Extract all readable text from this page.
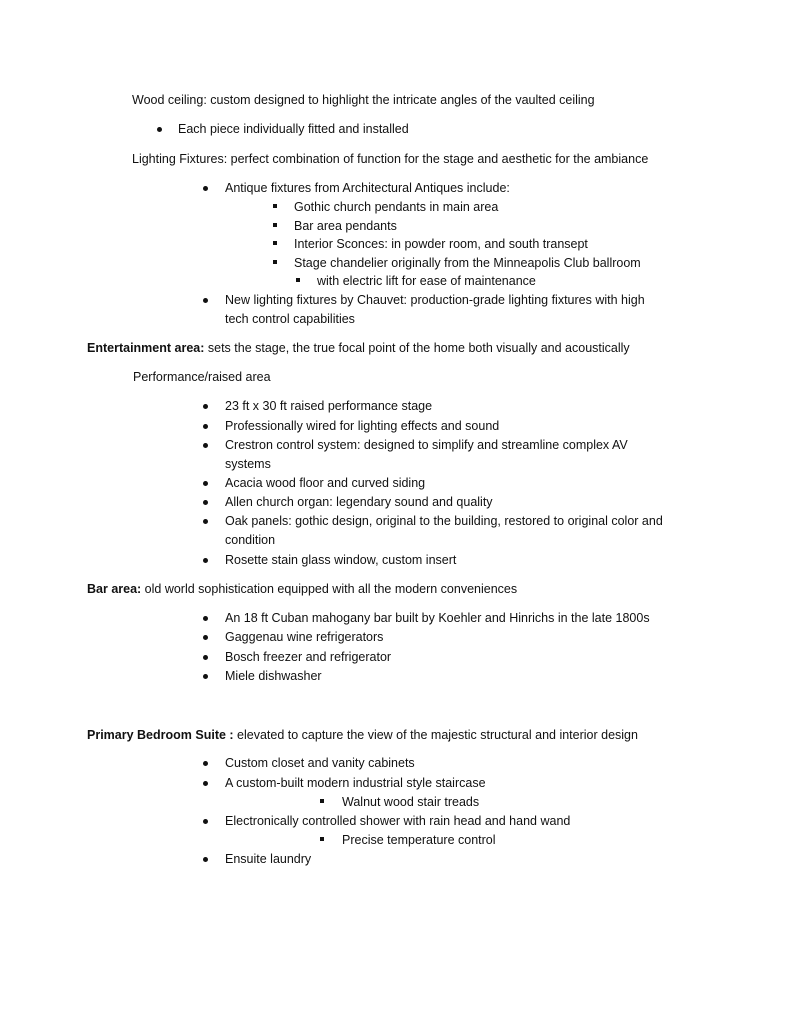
Wood ceiling: custom designed to highlight the intricate angles of the vaulted ceiling
Each piece individually fitted and installed
Lighting Fixtures: perfect combination of function for the stage and aesthetic for the ambiance
Antique fixtures from Architectural Antiques include:
Gothic church pendants in main area
Bar area pendants
Interior Sconces: in powder room, and south transept
Stage chandelier originally from the Minneapolis Club ballroom
with electric lift for ease of maintenance
New lighting fixtures by Chauvet: production-grade lighting fixtures with high
tech control capabilities
Entertainment area: sets the stage, the true focal point of the home both visually and acoustically
Performance/raised area
23 ft x 30 ft raised performance stage
Professionally wired for lighting effects and sound
Crestron control system: designed to simplify and streamline complex AV
systems
Acacia wood floor and curved siding
Allen church organ: legendary sound and quality
Oak panels: gothic design, original to the building, restored to original color and
condition
Rosette stain glass window, custom insert
Bar area: old world sophistication equipped with all the modern conveniences
An 18 ft Cuban mahogany bar built by Koehler and Hinrichs in the late 1800s
Gaggenau wine refrigerators
Bosch freezer and refrigerator
Miele dishwasher
Primary Bedroom Suite : elevated to capture the view of the majestic structural and interior design
Custom closet and vanity cabinets
A custom-built modern industrial style staircase
Walnut wood stair treads
Electronically controlled shower with rain head and hand wand
Precise temperature control
Ensuite laundry
